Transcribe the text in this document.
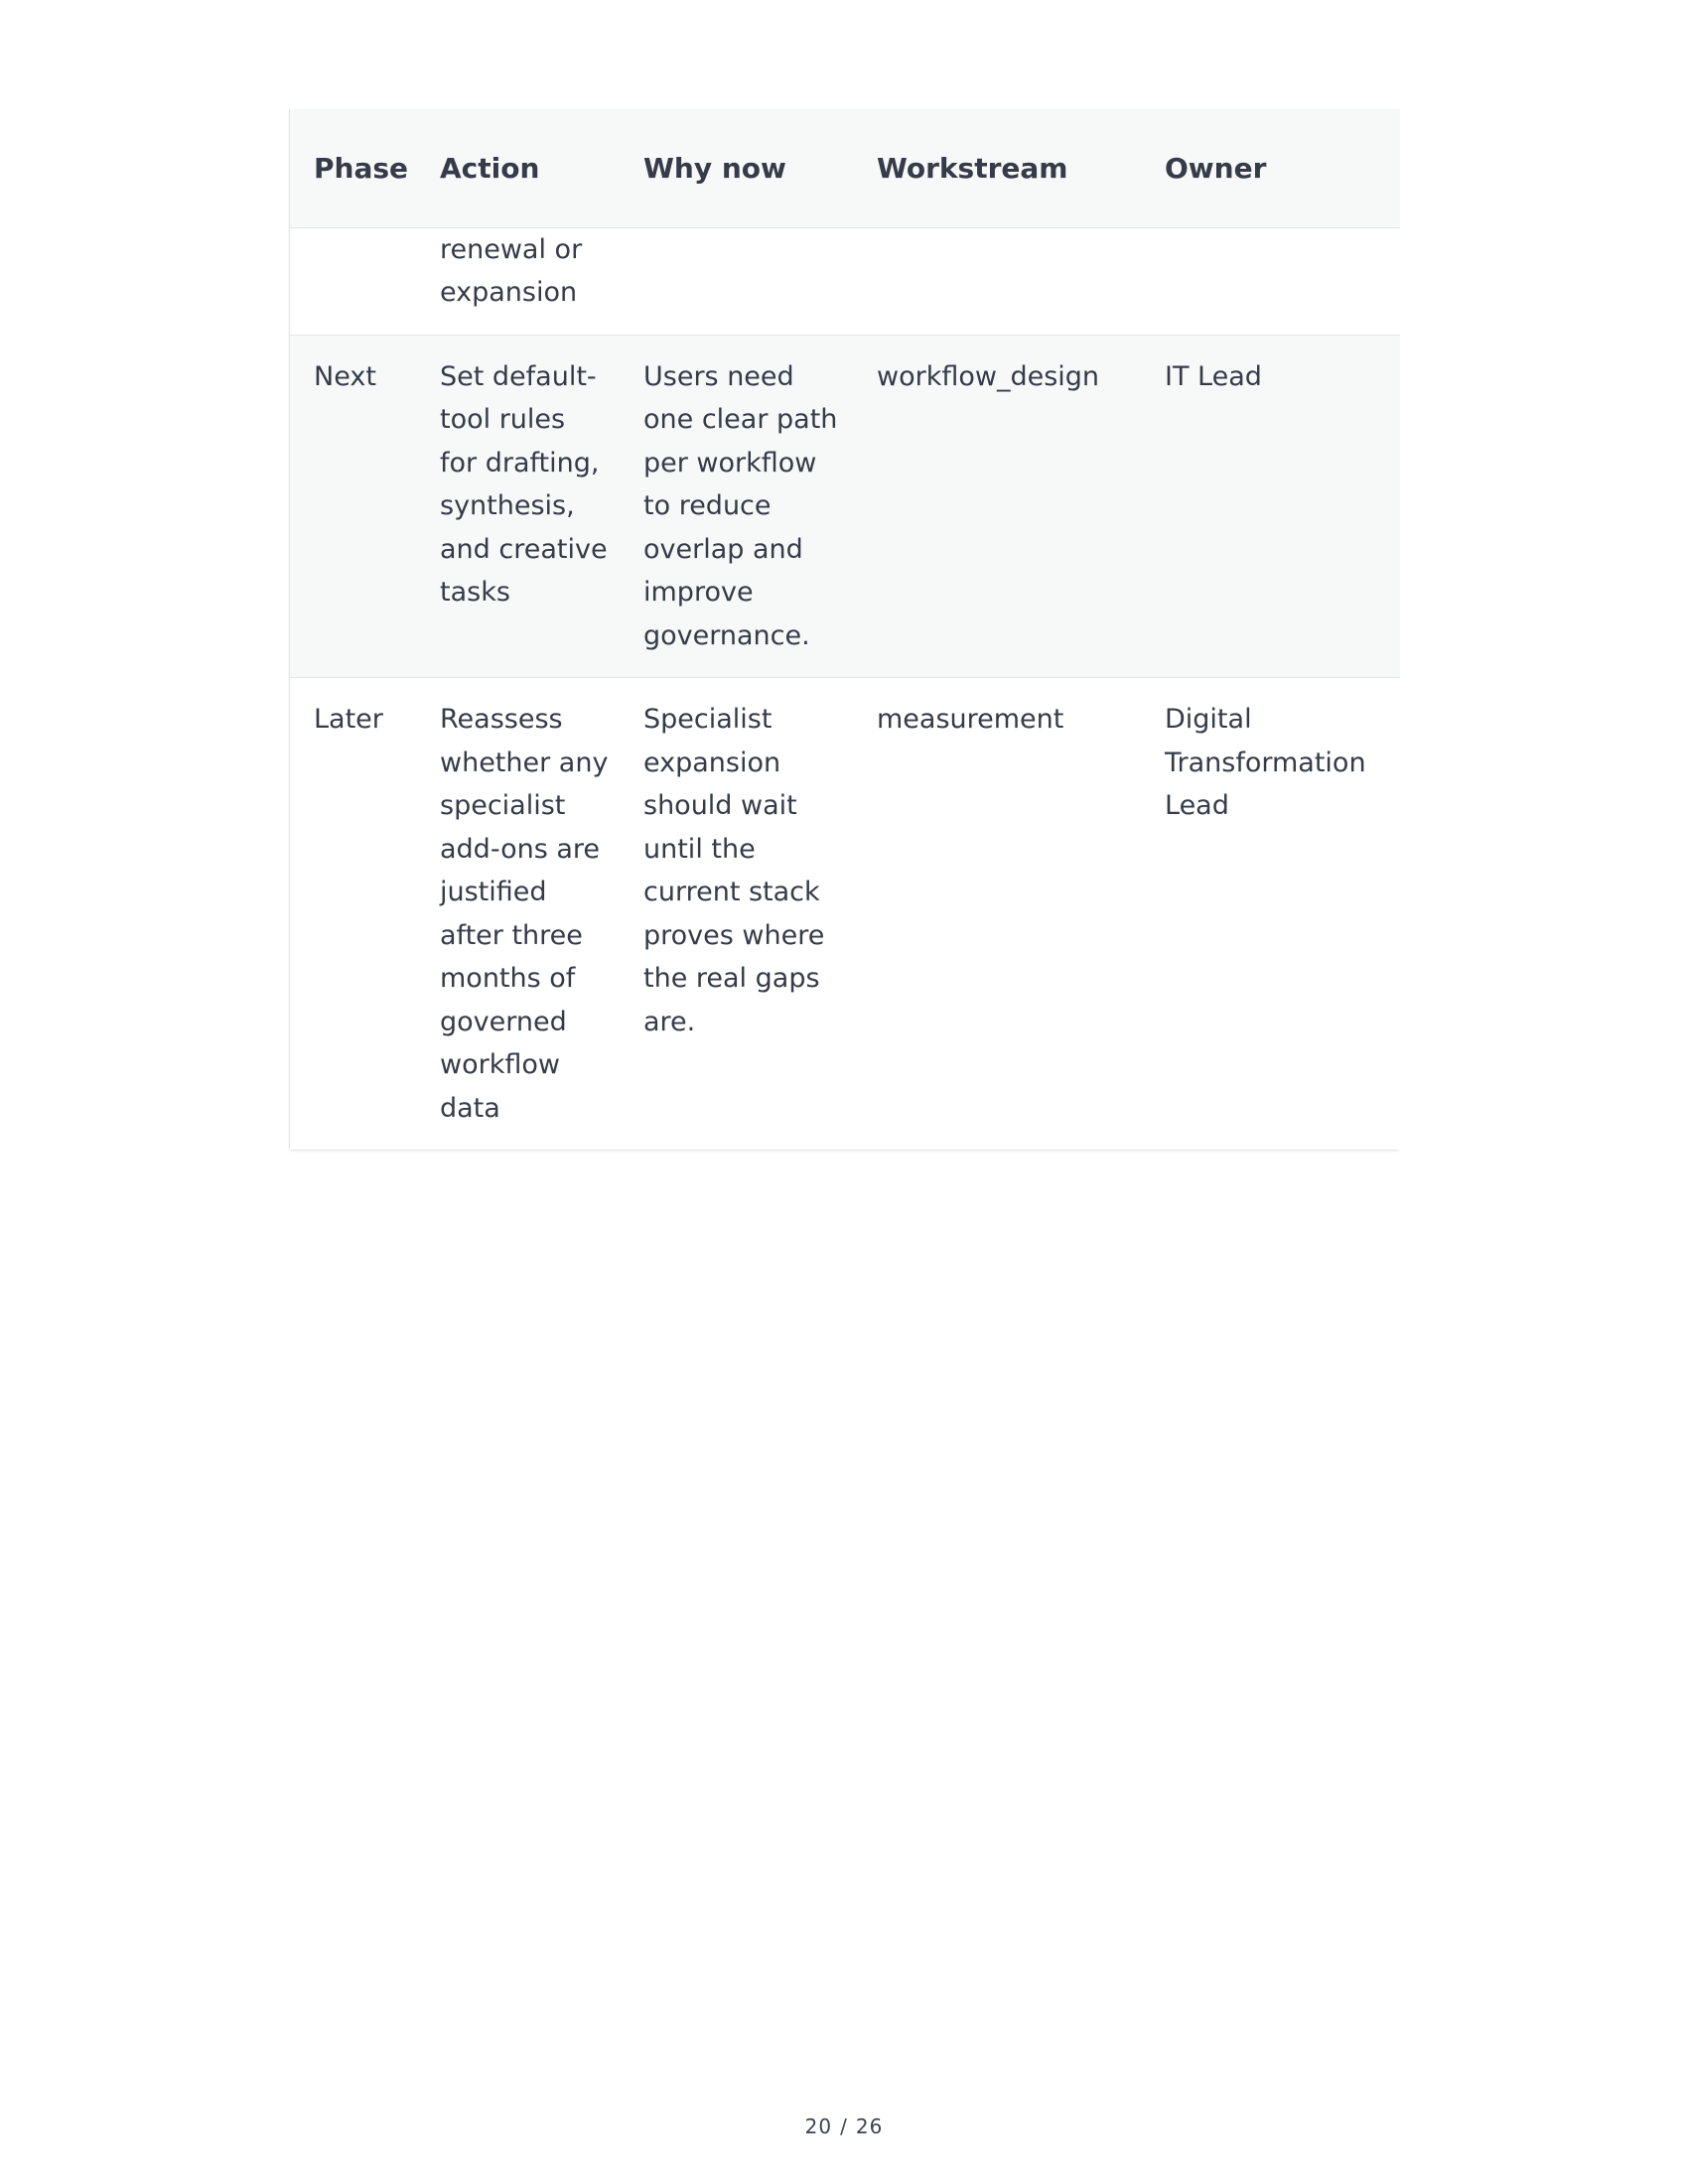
Phase	Action	Why now	Workstream	Owner
	renewal or expansion			
Next	Set default-tool rules for drafting, synthesis, and creative tasks	Users need one clear path per workflow to reduce overlap and improve governance.	workflow_design	IT Lead
Later	Reassess whether any specialist add-ons are justified after three months of governed workflow data	Specialist expansion should wait until the current stack proves where the real gaps are.	measurement	Digital Transformation Lead
20 / 26
